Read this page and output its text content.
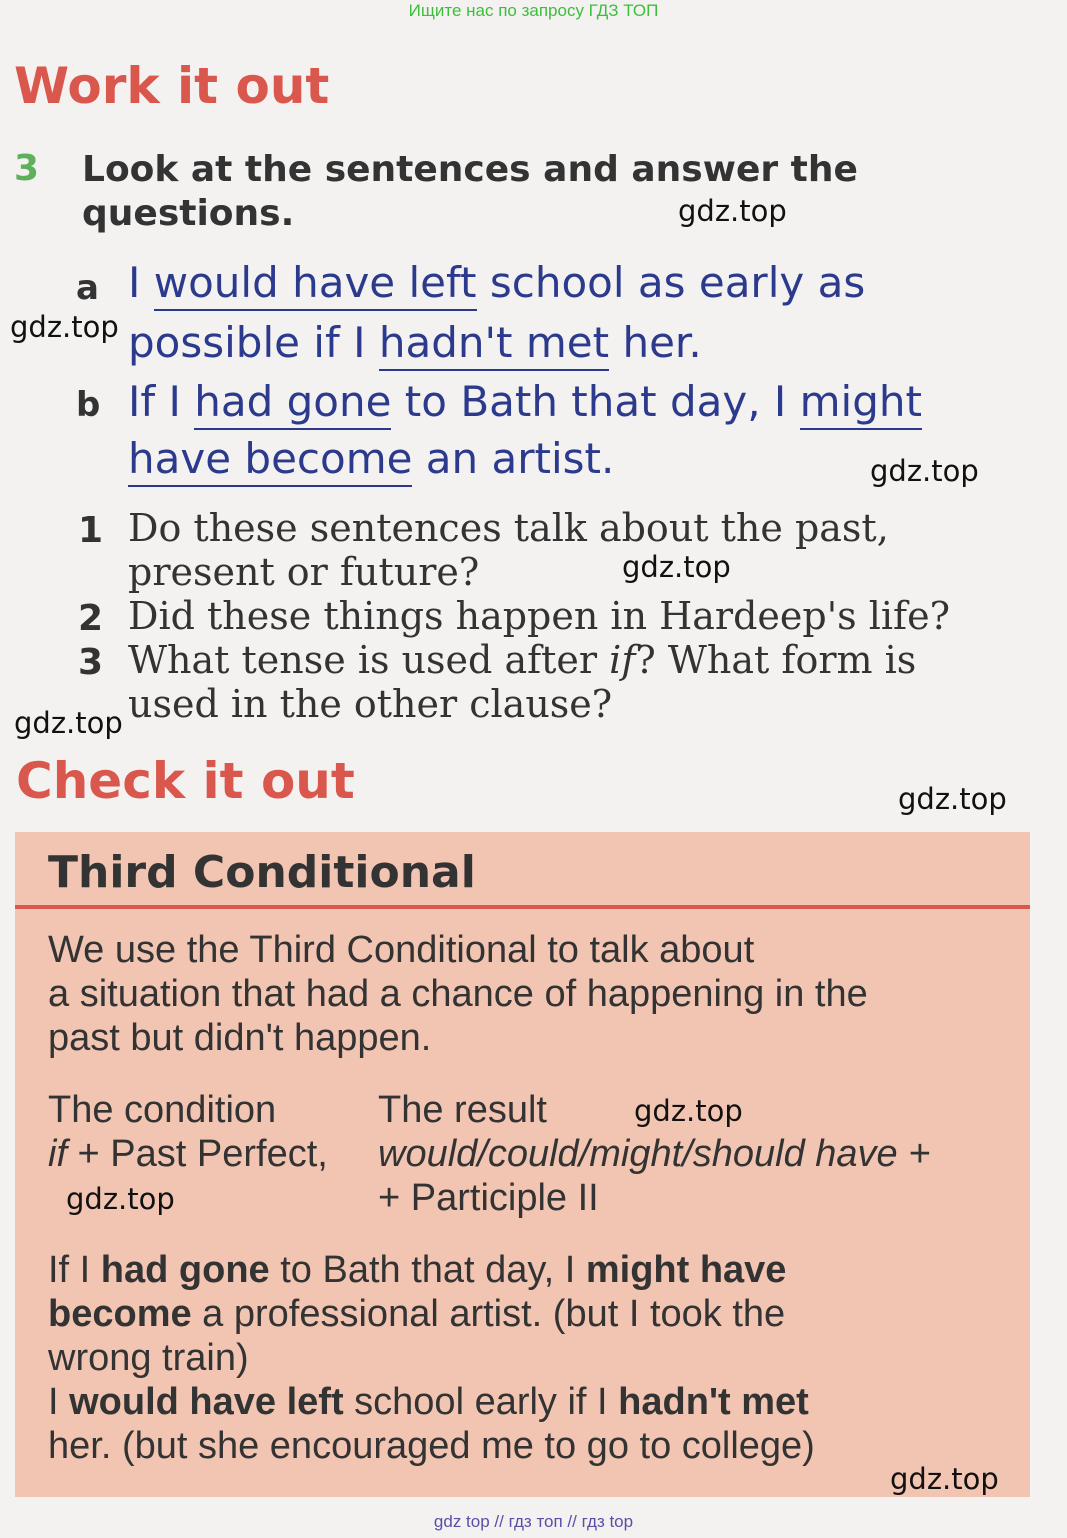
Ищите нас по запросу ГДЗ ТОП
Work it out
3 Look at the sentences and answer the
questions.
a I would have left school as early as
possible if I hadn't met her.
b If I had gone to Bath that day, I might
have become an artist.
1 Do these sentences talk about the past,
present or future?
2 Did these things happen in Hardeep's life?
3 What tense is used after if? What form is
used in the other clause?
Check it out
Third Conditional
We use the Third Conditional to talk about
a situation that had a chance of happening in the
past but didn't happen.
The condition
if + Past Perfect,
The result
would/could/might/should have +
+ Participle II
If I had gone to Bath that day, I might have
become a professional artist. (but I took the
wrong train)
I would have left school early if I hadn't met
her. (but she encouraged me to go to college)
gdz.top
gdz.top
gdz.top
gdz.top
gdz.top
gdz.top
gdz.top
gdz.top
gdz.top
gdz top // гдз топ // гдз top
